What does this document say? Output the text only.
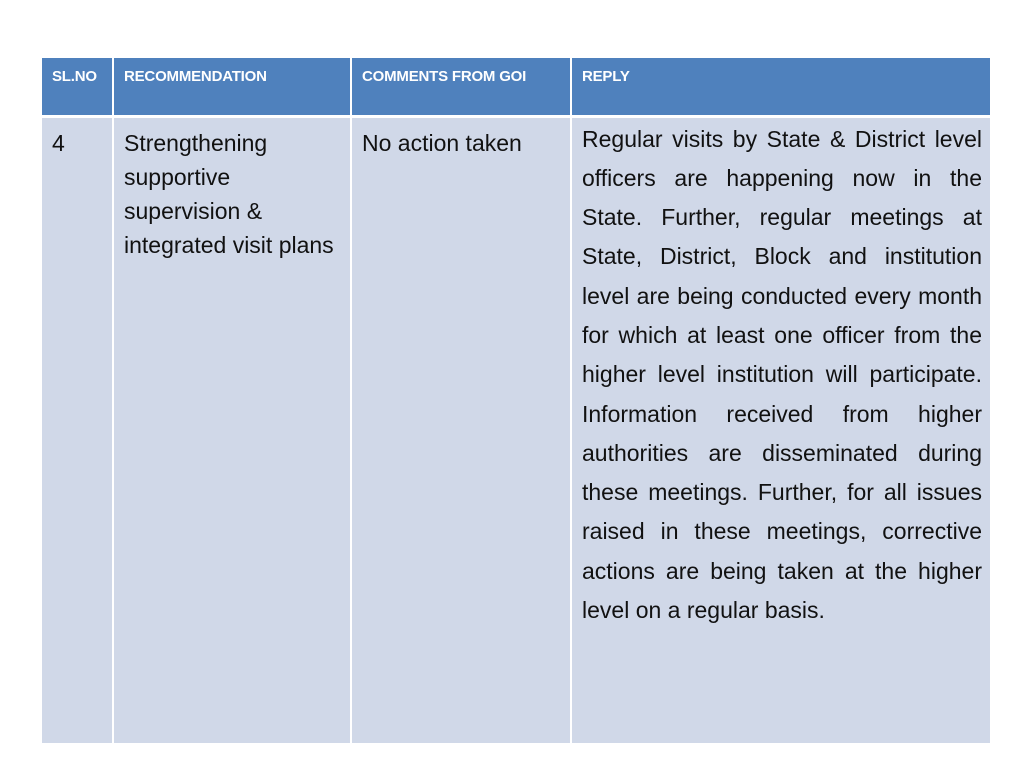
SL.NO	RECOMMENDATION	COMMENTS FROM GOI	REPLY
4	Strengthening supportive supervision & integrated visit plans	No action taken	Regular visits by State & District level officers are happening now in the State. Further, regular meetings at State, District, Block and institution level are being conducted every month for which at least one officer from the higher level institution will participate. Information received from higher authorities are disseminated during these meetings. Further, for all issues raised in these meetings, corrective actions are being taken at the higher level on a regular basis.
